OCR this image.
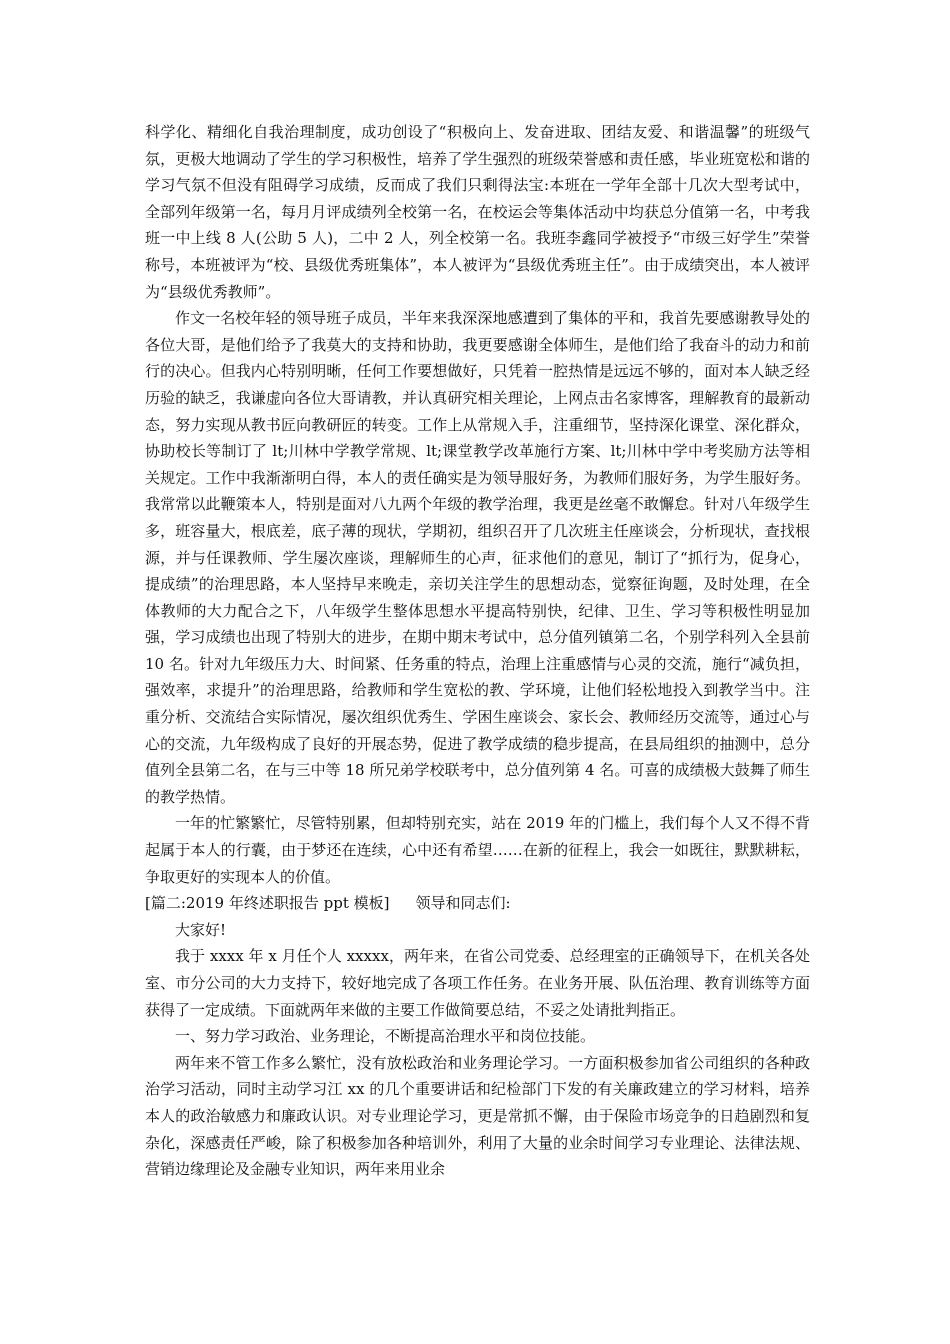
科学化、精细化自我治理制度，成功创设了“积极向上、发奋进取、团结友爱、和谐温馨”的班级气氛，更极大地调动了学生的学习积极性，培养了学生强烈的班级荣誉感和责任感，毕业班宽松和谐的学习气氛不但没有阻碍学习成绩，反而成了我们只剩得法宝:本班在一学年全部十几次大型考试中，全部列年级第一名，每月月评成绩列全校第一名，在校运会等集体活动中均获总分值第一名，中考我班一中上线 8 人(公助 5 人)，二中 2 人，列全校第一名。我班李鑫同学被授予“市级三好学生”荣誉称号，本班被评为“校、县级优秀班集体”，本人被评为“县级优秀班主任”。由于成绩突出，本人被评为“县级优秀教师”。

作文一名校年轻的领导班子成员，半年来我深深地感遭到了集体的平和，我首先要感谢教导处的各位大哥，是他们给予了我莫大的支持和协助，我更要感谢全体师生，是他们给了我奋斗的动力和前行的决心。但我内心特别明晰，任何工作要想做好，只凭着一腔热情是远远不够的，面对本人缺乏经历验的缺乏，我谦虚向各位大哥请教，并认真研究相关理论，上网点击名家博客，理解教育的最新动态，努力实现从教书匠向教研匠的转变。工作上从常规入手，注重细节，坚持深化课堂、深化群众，协助校长等制订了 lt;川林中学教学常规、lt;课堂教学改革施行方案、lt;川林中学中考奖励方法等相关规定。工作中我渐渐明白得，本人的责任确实是为领导服好务，为教师们服好务，为学生服好务。我常常以此鞭策本人，特别是面对八九两个年级的教学治理，我更是丝毫不敢懈怠。针对八年级学生多，班容量大，根底差，底子薄的现状，学期初，组织召开了几次班主任座谈会，分析现状，查找根源，并与任课教师、学生屡次座谈，理解师生的心声，征求他们的意见，制订了“抓行为，促身心，提成绩”的治理思路，本人坚持早来晚走，亲切关注学生的思想动态，觉察征询题，及时处理，在全体教师的大力配合之下，八年级学生整体思想水平提高特别快，纪律、卫生、学习等积极性明显加强，学习成绩也出现了特别大的进步，在期中期末考试中，总分值列镇第二名，个别学科列入全县前 10 名。针对九年级压力大、时间紧、任务重的特点，治理上注重感情与心灵的交流，施行“减负担，强效率，求提升”的治理思路，给教师和学生宽松的教、学环境，让他们轻松地投入到教学当中。注重分析、交流结合实际情况，屡次组织优秀生、学困生座谈会、家长会、教师经历交流等，通过心与心的交流，九年级构成了良好的开展态势，促进了教学成绩的稳步提高，在县局组织的抽测中，总分值列全县第二名，在与三中等 18 所兄弟学校联考中，总分值列第 4 名。可喜的成绩极大鼓舞了师生的教学热情。

一年的忙繁繁忙，尽管特别累，但却特别充实，站在 2019 年的门槛上，我们每个人又不得不背起属于本人的行囊，由于梦还在连续，心中还有希望……在新的征程上，我会一如既往，默默耕耘，争取更好的实现本人的价值。

[篇二:2019 年终述职报告 ppt 模板] 领导和同志们:

大家好!

我于 xxxx 年 x 月任个人 xxxxx，两年来，在省公司党委、总经理室的正确领导下，在机关各处室、市分公司的大力支持下，较好地完成了各项工作任务。在业务开展、队伍治理、教育训练等方面获得了一定成绩。下面就两年来做的主要工作做简要总结，不妥之处请批判指正。

一、努力学习政治、业务理论，不断提高治理水平和岗位技能。

两年来不管工作多么繁忙，没有放松政治和业务理论学习。一方面积极参加省公司组织的各种政治学习活动，同时主动学习江 xx 的几个重要讲话和纪检部门下发的有关廉政建立的学习材料，培养本人的政治敏感力和廉政认识。对专业理论学习，更是常抓不懈，由于保险市场竞争的日趋剧烈和复杂化，深感责任严峻，除了积极参加各种培训外，利用了大量的业余时间学习专业理论、法律法规、营销边缘理论及金融专业知识，两年来用业余
